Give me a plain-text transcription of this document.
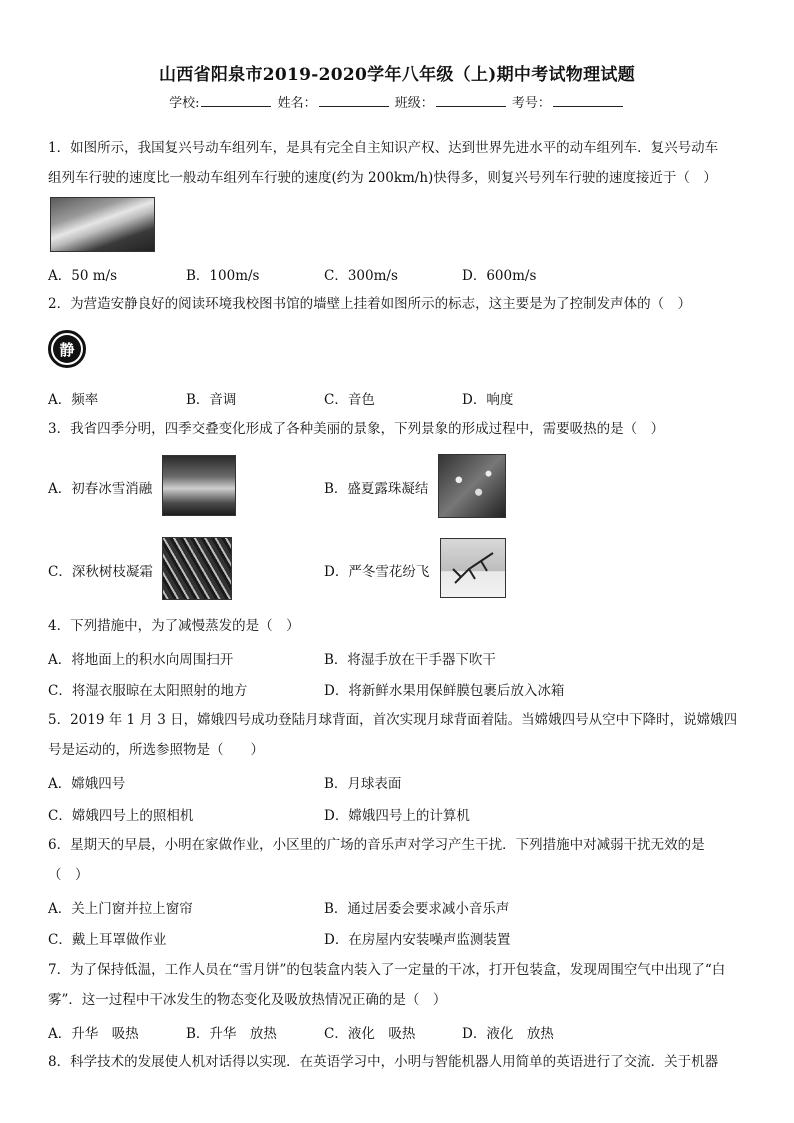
山西省阳泉市2019-2020学年八年级（上)期中考试物理试题
学校:	姓名：	班级：	考号：
1．如图所示，我国复兴号动车组列车，是具有完全自主知识产权、达到世界先进水平的动车组列车．复兴号动车
组列车行驶的速度比一般动车组列车行驶的速度(约为 200km/h)快得多，则复兴号列车行驶的速度接近于（　）
A．50 m/s	B．100m/s	C．300m/s	D．600m/s
2．为营造安静良好的阅读环境我校图书馆的墙壁上挂着如图所示的标志，这主要是为了控制发声体的（　）
静
A．频率	B．音调	C．音色	D．响度
3．我省四季分明，四季交叠变化形成了各种美丽的景象，下列景象的形成过程中，需要吸热的是（　）
A．初春冰雪消融	B．盛夏露珠凝结
C．深秋树枝凝霜	D．严冬雪花纷飞
4．下列措施中，为了减慢蒸发的是（　）
A．将地面上的积水向周围扫开	B．将湿手放在干手器下吹干
C．将湿衣服晾在太阳照射的地方	D．将新鲜水果用保鲜膜包裹后放入冰箱
5．2019 年 1 月 3 日，嫦娥四号成功登陆月球背面，首次实现月球背面着陆。当嫦娥四号从空中下降时，说嫦娥四
号是运动的，所选参照物是（　　）
A．嫦娥四号	B．月球表面
C．嫦娥四号上的照相机	D．嫦娥四号上的计算机
6．星期天的早晨，小明在家做作业，小区里的广场的音乐声对学习产生干扰．下列措施中对减弱干扰无效的是
（　）
A．关上门窗并拉上窗帘	B．通过居委会要求减小音乐声
C．戴上耳罩做作业	D．在房屋内安装噪声监测装置
7．为了保持低温，工作人员在“雪月饼”的包装盒内装入了一定量的干冰，打开包装盒，发现周围空气中出现了“白
雾”．这一过程中干冰发生的物态变化及吸放热情况正确的是（　）
A．升华　吸热	B．升华　放热	C．液化　吸热	D．液化　放热
8．科学技术的发展使人机对话得以实现．在英语学习中，小明与智能机器人用简单的英语进行了交流．关于机器
